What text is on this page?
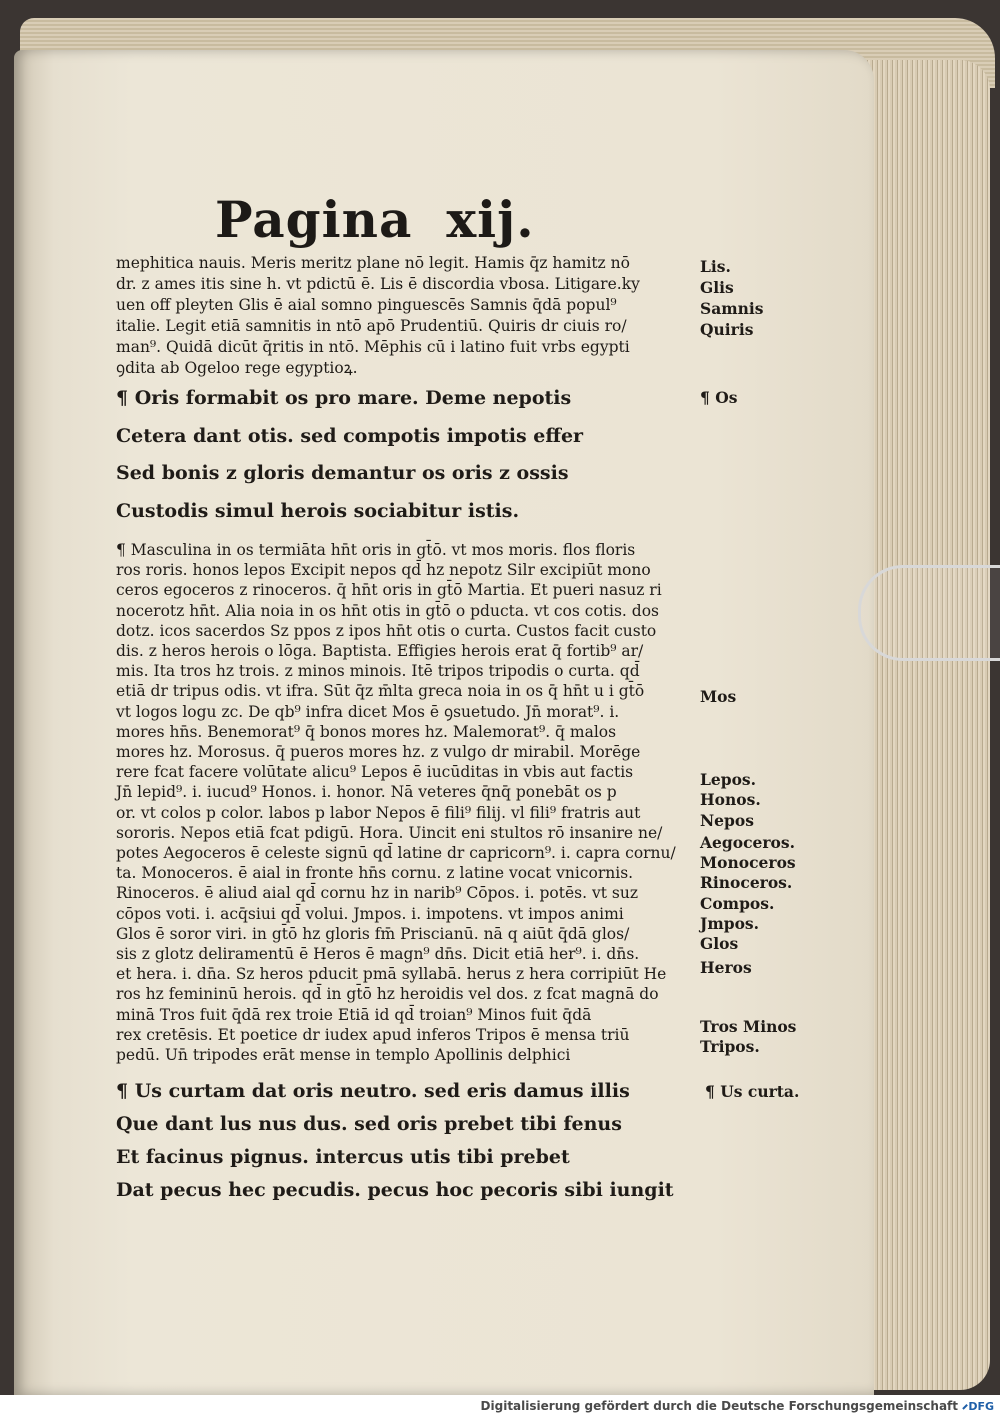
Pagina xij.
mephitica nauis. Meris meritz plane nō legit. Hamis q̄z hamitz nō
dr. z ames itis sine h. vt pdictū ē. Lis ē discordia vbosa. Litigare.ky
uen off pleyten Glis ē aial somno pinguescēs Samnis q̄dā popul⁹
italie. Legit etiā samnitis in ntō apō Prudentiū. Quiris dr ciuis ro/
man⁹. Quidā dicūt q̄ritis in ntō. Mēphis cū i latino fuit vrbs egypti
ꝯdita ab Ogeloo rege egyptioꝝ.
Lis.
Glis
Samnis
Quiris
¶ Oris formabit os pro mare. Deme nepotis
Cetera dant otis. sed compotis impotis effer
Sed bonis z gloris demantur os oris z ossis
Custodis simul herois sociabitur istis.
¶ Os
¶ Masculina in os termiāta hn̄t oris in gt̄ō. vt mos moris. flos floris
ros roris. honos lepos Excipit nepos qd̄ hz nepotz Silr excipiūt mono
ceros egoceros z rinoceros. q̄ hn̄t oris in gt̄ō Martia. Et pueri nasuz ri
nocerotz hn̄t. Alia noia in os hn̄t otis in gt̄ō o pducta. vt cos cotis. dos
dotz. icos sacerdos Sz ppos z ipos hn̄t otis o curta. Custos facit custo
dis. z heros herois o lōga. Baptista. Effigies herois erat q̄ fortib⁹ ar/
mis. Ita tros hz trois. z minos minois. Itē tripos tripodis o curta. qd̄
etiā dr tripus odis. vt ifra. Sūt q̄z m̄lta greca noia in os q̄ hn̄t u i gt̄ō
vt logos logu zc. De qb⁹ infra dicet Mos ē ꝯsuetudo. Jn̄ morat⁹. i.
mores hn̄s. Benemorat⁹ q̄ bonos mores hz. Malemorat⁹. q̄ malos
mores hz. Morosus. q̄ pueros mores hz. z vulgo dr mirabil. Morēge
rere fcat facere volūtate alicu⁹ Lepos ē iucūditas in vbis aut factis
Jn̄ lepid⁹. i. iucud⁹ Honos. i. honor. Nā veteres q̄nq̄ ponebāt os p
or. vt colos p color. labos p labor Nepos ē fili⁹ filij. vl fili⁹ fratris aut
sororis. Nepos etiā fcat pdigū. Hora. Uincit eni stultos rō insanire ne/
potes Aegoceros ē celeste signū qd̄ latine dr capricorn⁹. i. capra cornu/
ta. Monoceros. ē aial in fronte hn̄s cornu. z latine vocat vnicornis.
Rinoceros. ē aliud aial qd̄ cornu hz in narib⁹ Cōpos. i. potēs. vt suz
cōpos voti. i. acq̄siui qd̄ volui. Jmpos. i. impotens. vt impos animi
Glos ē soror viri. in gt̄ō hz gloris fm̄ Priscianū. nā q aiūt q̄dā glos/
sis z glotz deliramentū ē Heros ē magn⁹ dn̄s. Dicit etiā her⁹. i. dn̄s.
et hera. i. dn̄a. Sz heros pducit pmā syllabā. herus z hera corripiūt He
ros hz femininū herois. qd̄ in gt̄ō hz heroidis vel dos. z fcat magnā do
minā Tros fuit q̄dā rex troie Etiā id qd̄ troian⁹ Minos fuit q̄dā
rex cretēsis. Et poetice dr iudex apud inferos Tripos ē mensa triū
pedū. Un̄ tripodes erāt mense in templo Apollinis delphici
Mos
Lepos.
Honos.
Nepos
Aegoceros.
Monoceros
Rinoceros.
Compos.
Jmpos.
Glos
Heros
Tros Minos
Tripos.
¶ Us curtam dat oris neutro. sed eris damus illis
Que dant lus nus dus. sed oris prebet tibi fenus
Et facinus pignus. intercus utis tibi prebet
Dat pecus hec pecudis. pecus hoc pecoris sibi iungit
¶ Us curta.
Digitalisierung gefördert durch die Deutsche Forschungsgemeinschaft DFG
